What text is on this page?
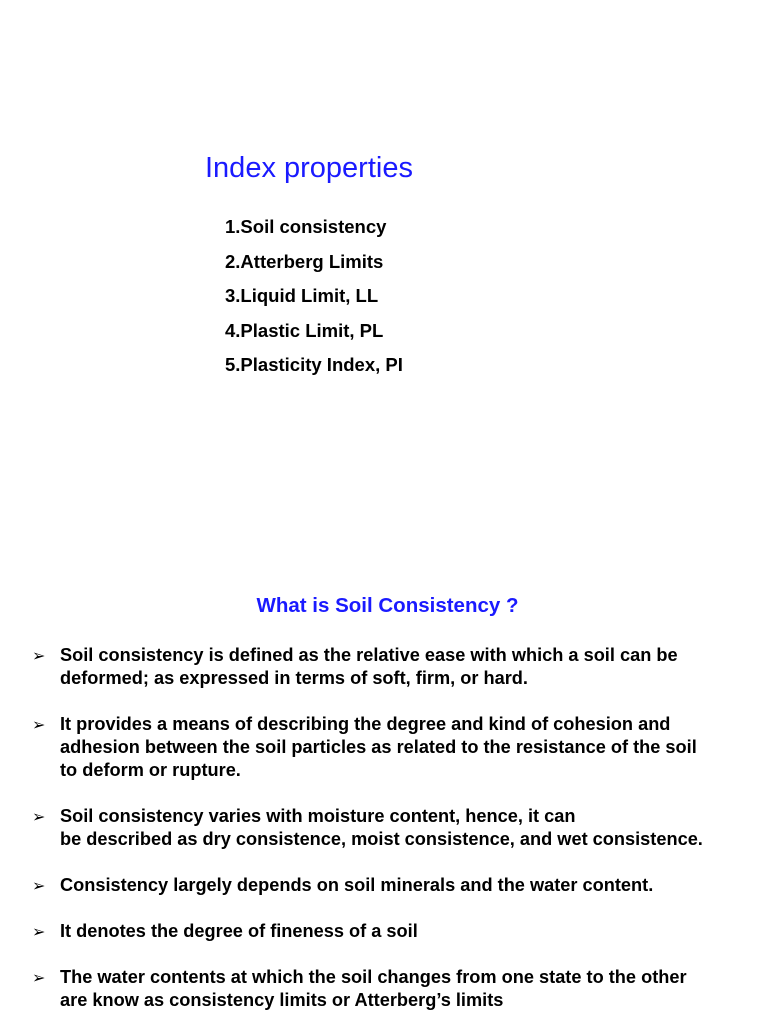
Index properties
1.Soil consistency
2.Atterberg Limits
3.Liquid Limit, LL
4.Plastic Limit, PL
5.Plasticity Index, PI
What is Soil Consistency ?
➢ Soil consistency is defined as the relative ease with which a soil can be
deformed; as expressed in terms of soft, firm, or hard.
➢ It provides a means of describing the degree and kind of cohesion and
adhesion between the soil particles as related to the resistance of the soil
to deform or rupture.
➢ Soil consistency varies with moisture content, hence, it can
be described as dry consistence, moist consistence, and wet consistence.
➢ Consistency largely depends on soil minerals and the water content.
➢ It denotes the degree of fineness of a soil
➢ The water contents at which the soil changes from one state to the other
are know as consistency limits or Atterberg’s limits
